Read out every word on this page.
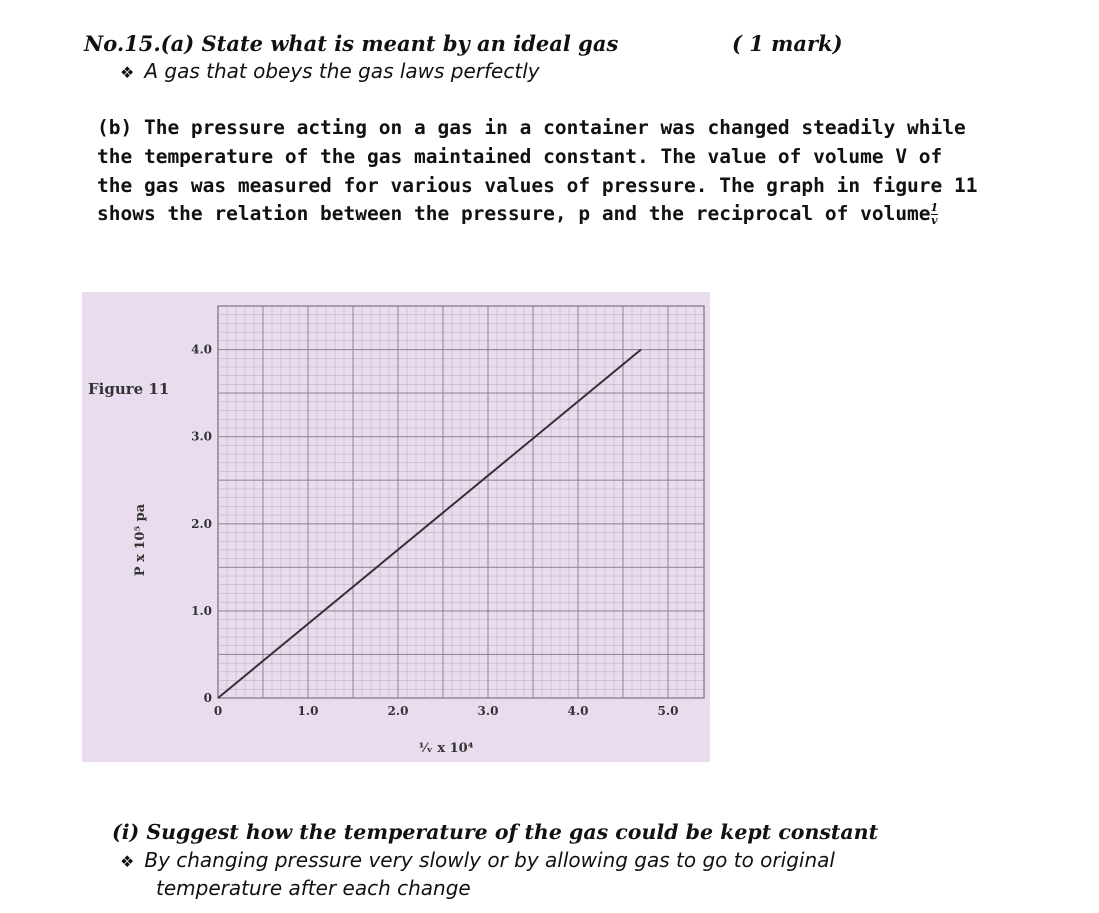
No.15.(a) State what is meant by an ideal gas	( 1 mark)
❖ A gas that obeys the gas laws perfectly
(b) The pressure acting on a gas in a container was changed steadily while
the temperature of the gas maintained constant. The value of volume V of
the gas was measured for various values of pressure. The graph in figure 11
shows the relation between the pressure, p and the reciprocal of volume $\frac{1}{v}$
Figure 11
0	1.0	2.0	3.0	4.0	5.0
0
1.0
2.0
3.0
4.0
P x 10⁵ pa
¹⁄ᵥ x 10⁴
(i) Suggest how the temperature of the gas could be kept constant
❖ By changing pressure very slowly or by allowing gas to go to original
temperature after each change
